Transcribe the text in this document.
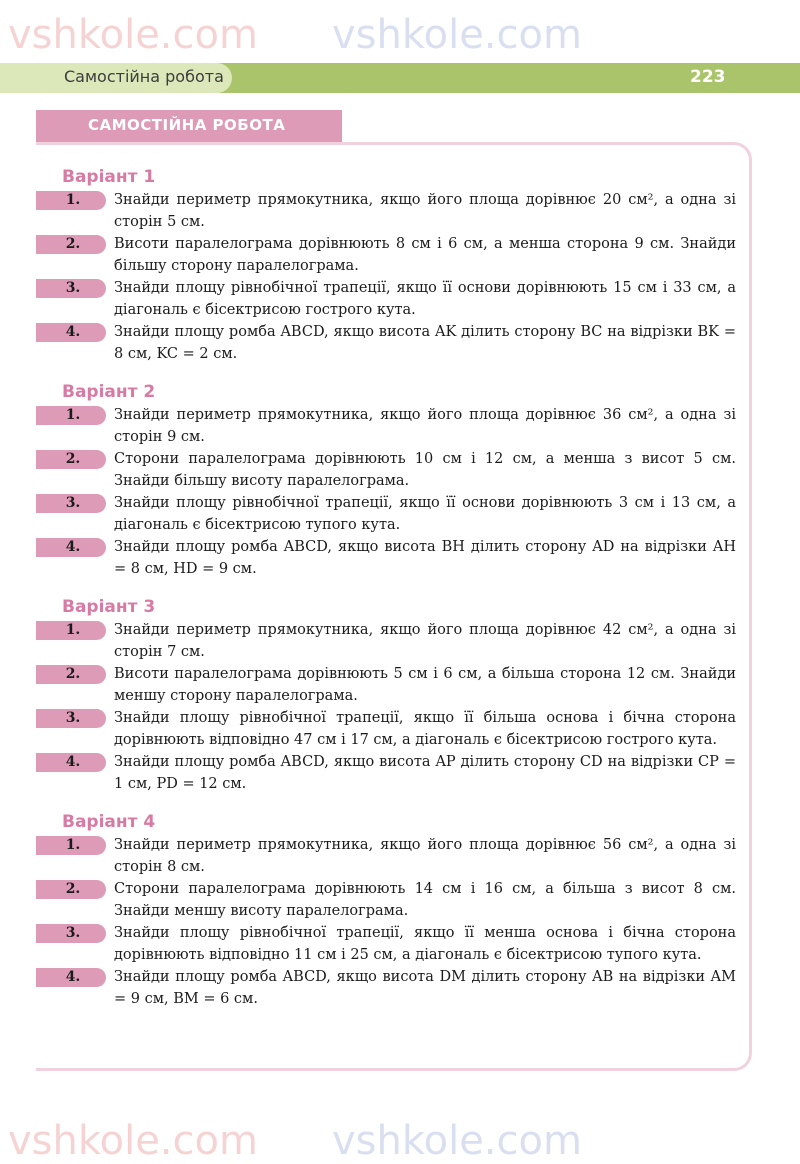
Самостійна робота	223
САМОСТІЙНА РОБОТА
Варіант 1
1.	Знайди периметр прямокутника, якщо його площа дорівнює 20 см², а одна зі сторін 5 см.
2.	Висоти паралелограма дорівнюють 8 см і 6 см, а менша сторона 9 см. Знайди більшу сторону паралелограма.
3.	Знайди площу рівнобічної трапеції, якщо її основи дорівнюють 15 см і 33 см, а діагональ є бісектрисою гострого кута.
4.	Знайди площу ромба ABCD, якщо висота AK ділить сторону BC на відрізки BK = 8 см, KC = 2 см.
Варіант 2
1.	Знайди периметр прямокутника, якщо його площа дорівнює 36 см², а одна зі сторін 9 см.
2.	Сторони паралелограма дорівнюють 10 см і 12 см, а менша з висот 5 см. Знайди більшу висоту паралелограма.
3.	Знайди площу рівнобічної трапеції, якщо її основи дорівнюють 3 см і 13 см, а діагональ є бісектрисою тупого кута.
4.	Знайди площу ромба ABCD, якщо висота BH ділить сторону AD на відрізки AH = 8 см, HD = 9 см.
Варіант 3
1.	Знайди периметр прямокутника, якщо його площа дорівнює 42 см², а одна зі сторін 7 см.
2.	Висоти паралелограма дорівнюють 5 см і 6 см, а більша сторона 12 см. Знайди меншу сторону паралелограма.
3.	Знайди площу рівнобічної трапеції, якщо її більша основа і бічна сторона дорівнюють відповідно 47 см і 17 см, а діагональ є бісектрисою гострого кута.
4.	Знайди площу ромба ABCD, якщо висота AP ділить сторону CD на відрізки CP = 1 см, PD = 12 см.
Варіант 4
1.	Знайди периметр прямокутника, якщо його площа дорівнює 56 см², а одна зі сторін 8 см.
2.	Сторони паралелограма дорівнюють 14 см і 16 см, а більша з висот 8 см. Знайди меншу висоту паралелограма.
3.	Знайди площу рівнобічної трапеції, якщо її менша основа і бічна сторона дорівнюють відповідно 11 см і 25 см, а діагональ є бісектрисою тупого кута.
4.	Знайди площу ромба ABCD, якщо висота DM ділить сторону AB на відрізки AM = 9 см, BM = 6 см.
vshkole.com vshkole.com
vshkole.com vshkole.com
